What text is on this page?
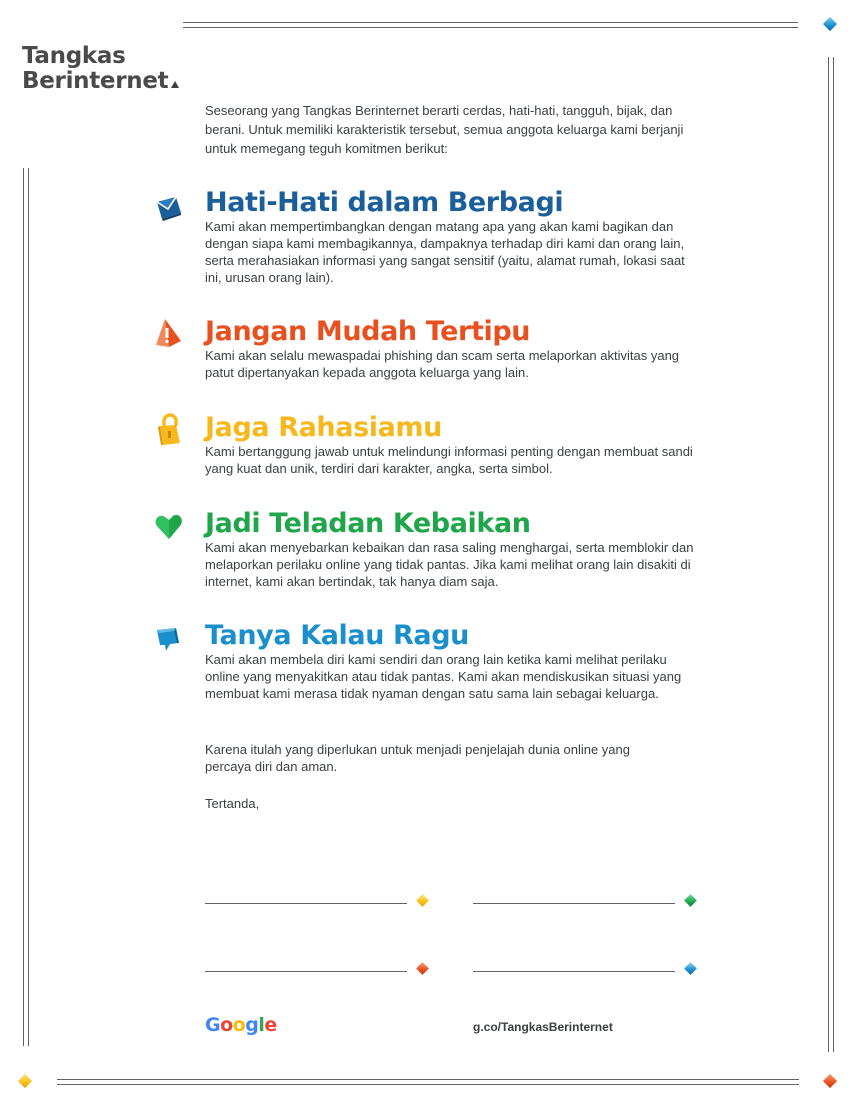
Tangkas
Berinternet
Seseorang yang Tangkas Berinternet berarti cerdas, hati-hati, tangguh, bijak, dan berani. Untuk memiliki karakteristik tersebut, semua anggota keluarga kami berjanji untuk memegang teguh komitmen berikut:
Hati-Hati dalam Berbagi

Kami akan mempertimbangkan dengan matang apa yang akan kami bagikan dan dengan siapa kami membagikannya, dampaknya terhadap diri kami dan orang lain, serta merahasiakan informasi yang sangat sensitif (yaitu, alamat rumah, lokasi saat ini, urusan orang lain).

Jangan Mudah Tertipu

Kami akan selalu mewaspadai phishing dan scam serta melaporkan aktivitas yang patut dipertanyakan kepada anggota keluarga yang lain.

Jaga Rahasiamu

Kami bertanggung jawab untuk melindungi informasi penting dengan membuat sandi yang kuat dan unik, terdiri dari karakter, angka, serta simbol.

Jadi Teladan Kebaikan

Kami akan menyebarkan kebaikan dan rasa saling menghargai, serta memblokir dan melaporkan perilaku online yang tidak pantas. Jika kami melihat orang lain disakiti di internet, kami akan bertindak, tak hanya diam saja.

Tanya Kalau Ragu

Kami akan membela diri kami sendiri dan orang lain ketika kami melihat perilaku online yang menyakitkan atau tidak pantas. Kami akan mendiskusikan situasi yang membuat kami merasa tidak nyaman dengan satu sama lain sebagai keluarga.

Karena itulah yang diperlukan untuk menjadi penjelajah dunia online yang percaya diri dan aman.
Tertanda,
Google	g.co/TangkasBerinternet
